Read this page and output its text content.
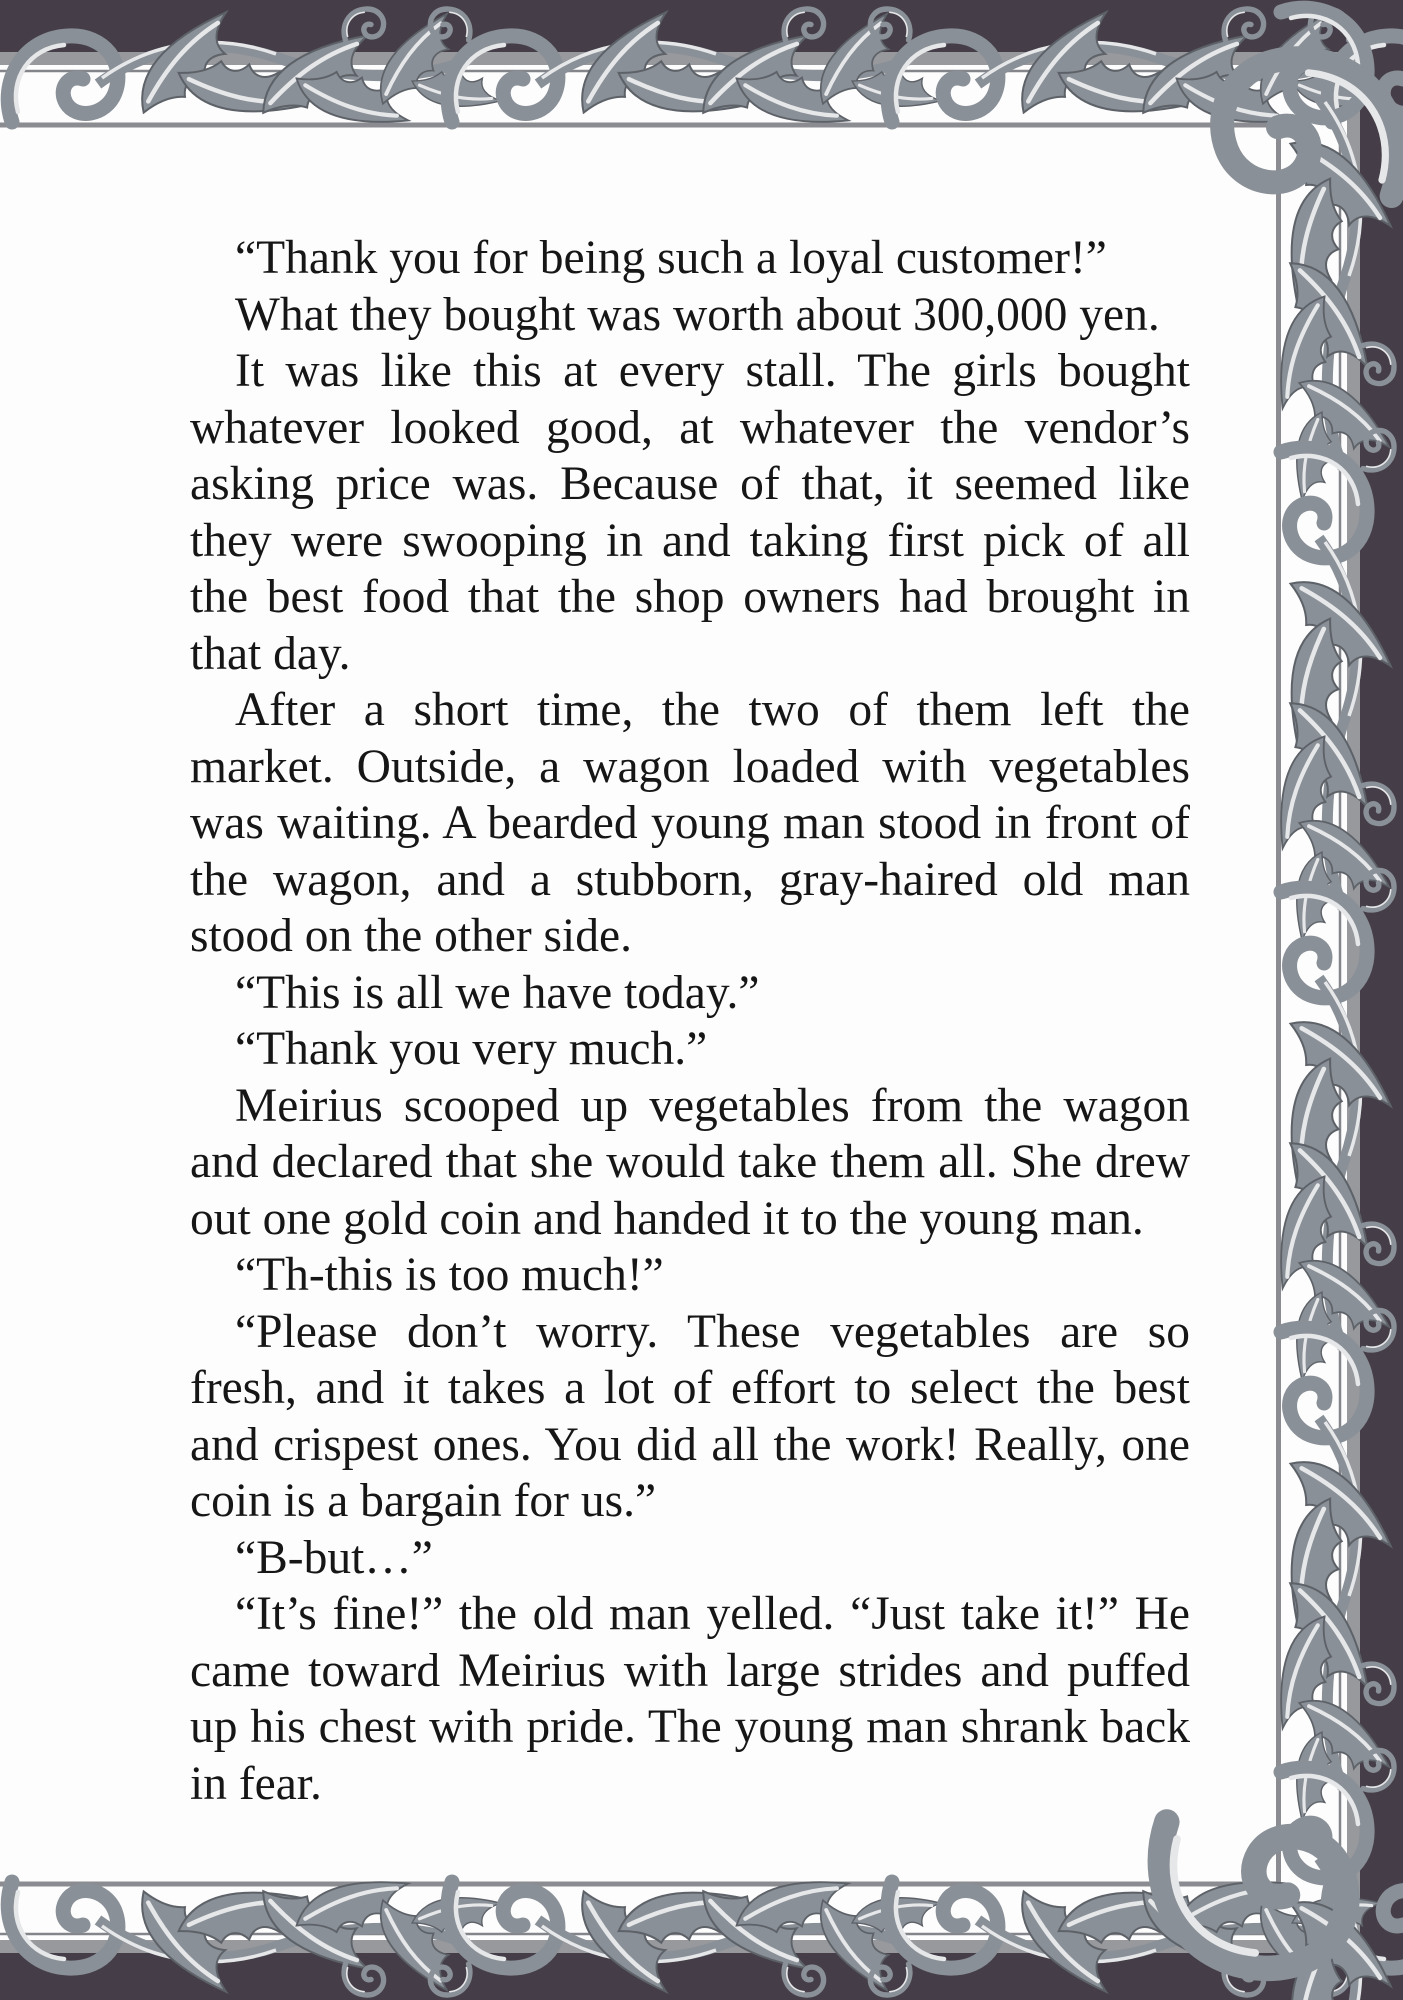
“Thank you for being such a loyal customer!”

What they bought was worth about 300,000 yen.

It was like this at every stall. The girls bought whatever looked good, at whatever the vendor’s asking price was. Because of that, it seemed like they were swooping in and taking first pick of all the best food that the shop owners had brought in that day.

After a short time, the two of them left the market. Outside, a wagon loaded with vegetables was waiting. A bearded young man stood in front of the wagon, and a stubborn, gray-haired old man stood on the other side.

“This is all we have today.”

“Thank you very much.”

Meirius scooped up vegetables from the wagon and declared that she would take them all. She drew out one gold coin and handed it to the young man.

“Th-this is too much!”

“Please don’t worry. These vegetables are so fresh, and it takes a lot of effort to select the best and crispest ones. You did all the work! Really, one coin is a bargain for us.”

“B-but…”

“It’s fine!” the old man yelled. “Just take it!” He came toward Meirius with large strides and puffed up his chest with pride. The young man shrank back in fear.
